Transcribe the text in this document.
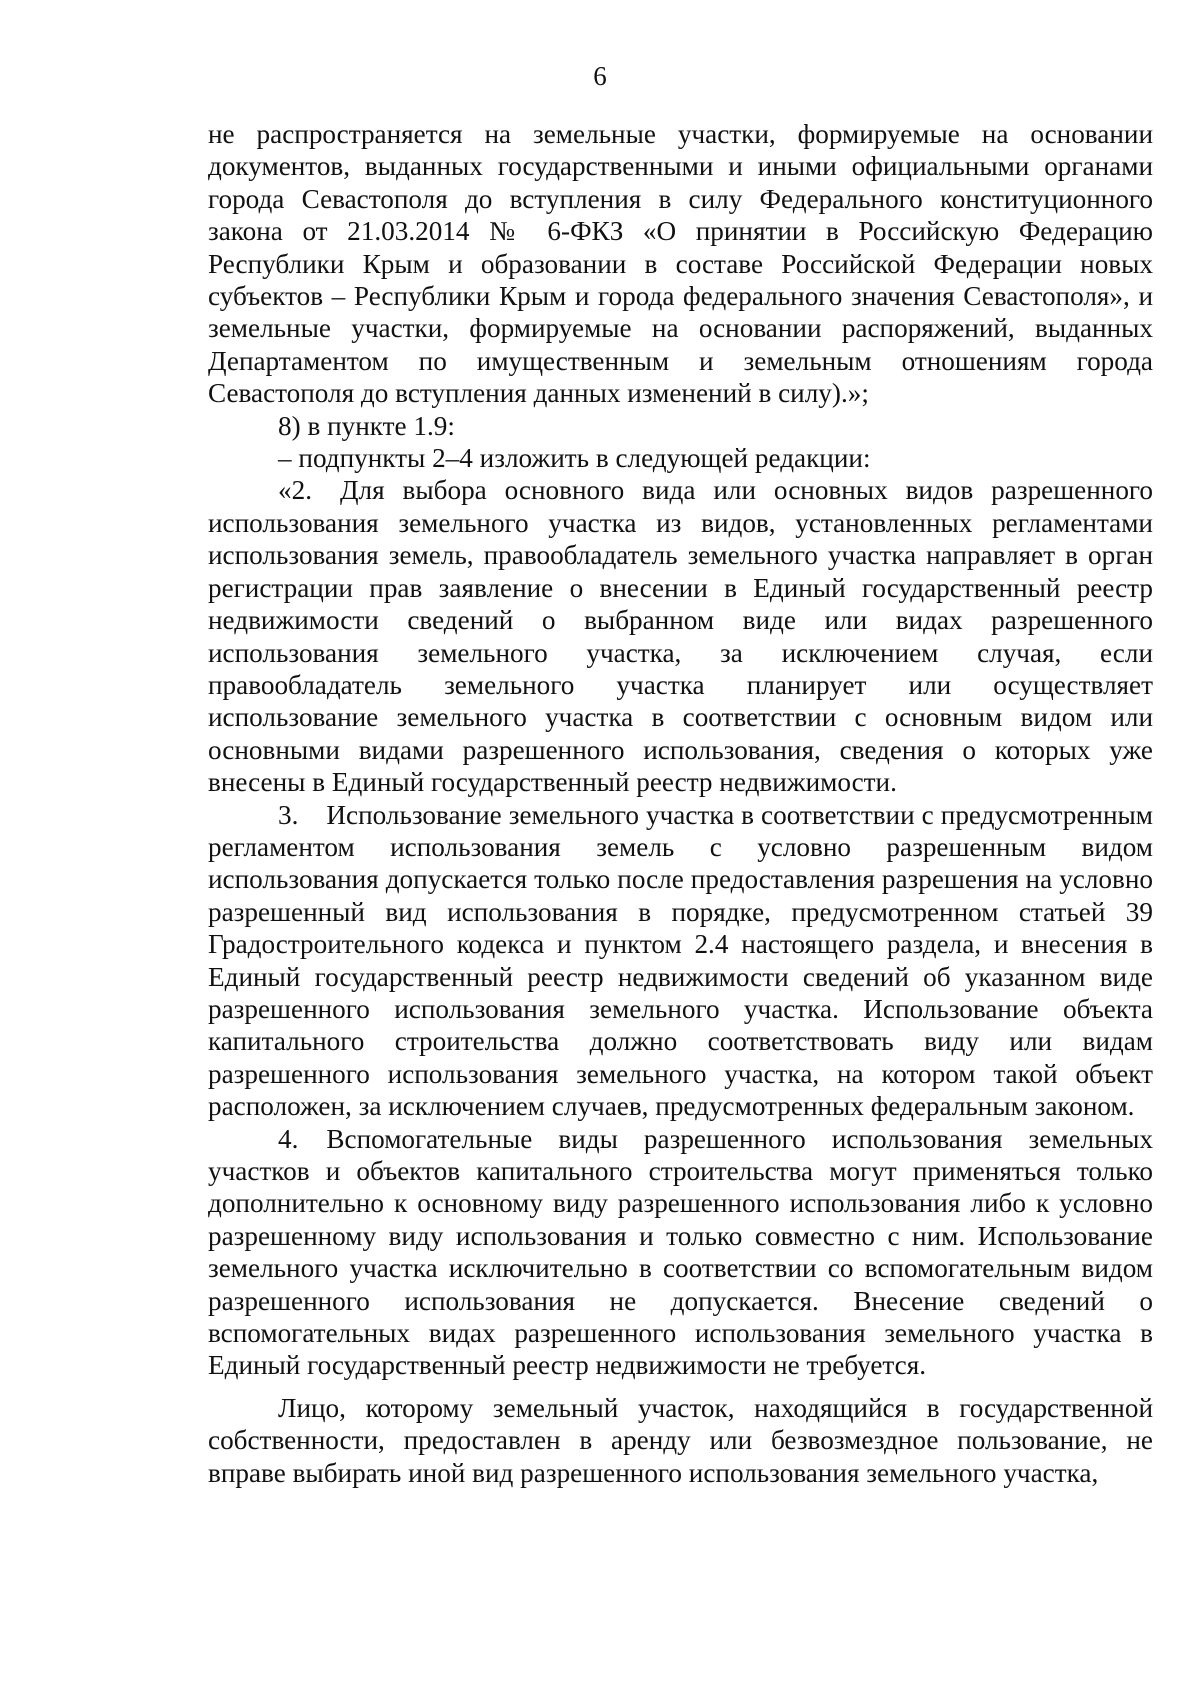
6

не распространяется на земельные участки, формируемые на основании документов, выданных государственными и иными официальными органами города Севастополя до вступления в силу Федерального конституционного закона от 21.03.2014 № 6-ФКЗ «О принятии в Российскую Федерацию Республики Крым и образовании в составе Российской Федерации новых субъектов – Республики Крым и города федерального значения Севастополя», и земельные участки, формируемые на основании распоряжений, выданных Департаментом по имущественным и земельным отношениям города Севастополя до вступления данных изменений в силу).»;

8) в пункте 1.9:

– подпункты 2–4 изложить в следующей редакции:

«2. Для выбора основного вида или основных видов разрешенного использования земельного участка из видов, установленных регламентами использования земель, правообладатель земельного участка направляет в орган регистрации прав заявление о внесении в Единый государственный реестр недвижимости сведений о выбранном виде или видах разрешенного использования земельного участка, за исключением случая, если правообладатель земельного участка планирует или осуществляет использование земельного участка в соответствии с основным видом или основными видами разрешенного использования, сведения о которых уже внесены в Единый государственный реестр недвижимости.

3. Использование земельного участка в соответствии с предусмотренным регламентом использования земель с условно разрешенным видом использования допускается только после предоставления разрешения на условно разрешенный вид использования в порядке, предусмотренном статьей 39 Градостроительного кодекса и пунктом 2.4 настоящего раздела, и внесения в Единый государственный реестр недвижимости сведений об указанном виде разрешенного использования земельного участка. Использование объекта капитального строительства должно соответствовать виду или видам разрешенного использования земельного участка, на котором такой объект расположен, за исключением случаев, предусмотренных федеральным законом.

4. Вспомогательные виды разрешенного использования земельных участков и объектов капитального строительства могут применяться только дополнительно к основному виду разрешенного использования либо к условно разрешенному виду использования и только совместно с ним. Использование земельного участка исключительно в соответствии со вспомогательным видом разрешенного использования не допускается. Внесение сведений о вспомогательных видах разрешенного использования земельного участка в Единый государственный реестр недвижимости не требуется.

Лицо, которому земельный участок, находящийся в государственной собственности, предоставлен в аренду или безвозмездное пользование, не вправе выбирать иной вид разрешенного использования земельного участка,
